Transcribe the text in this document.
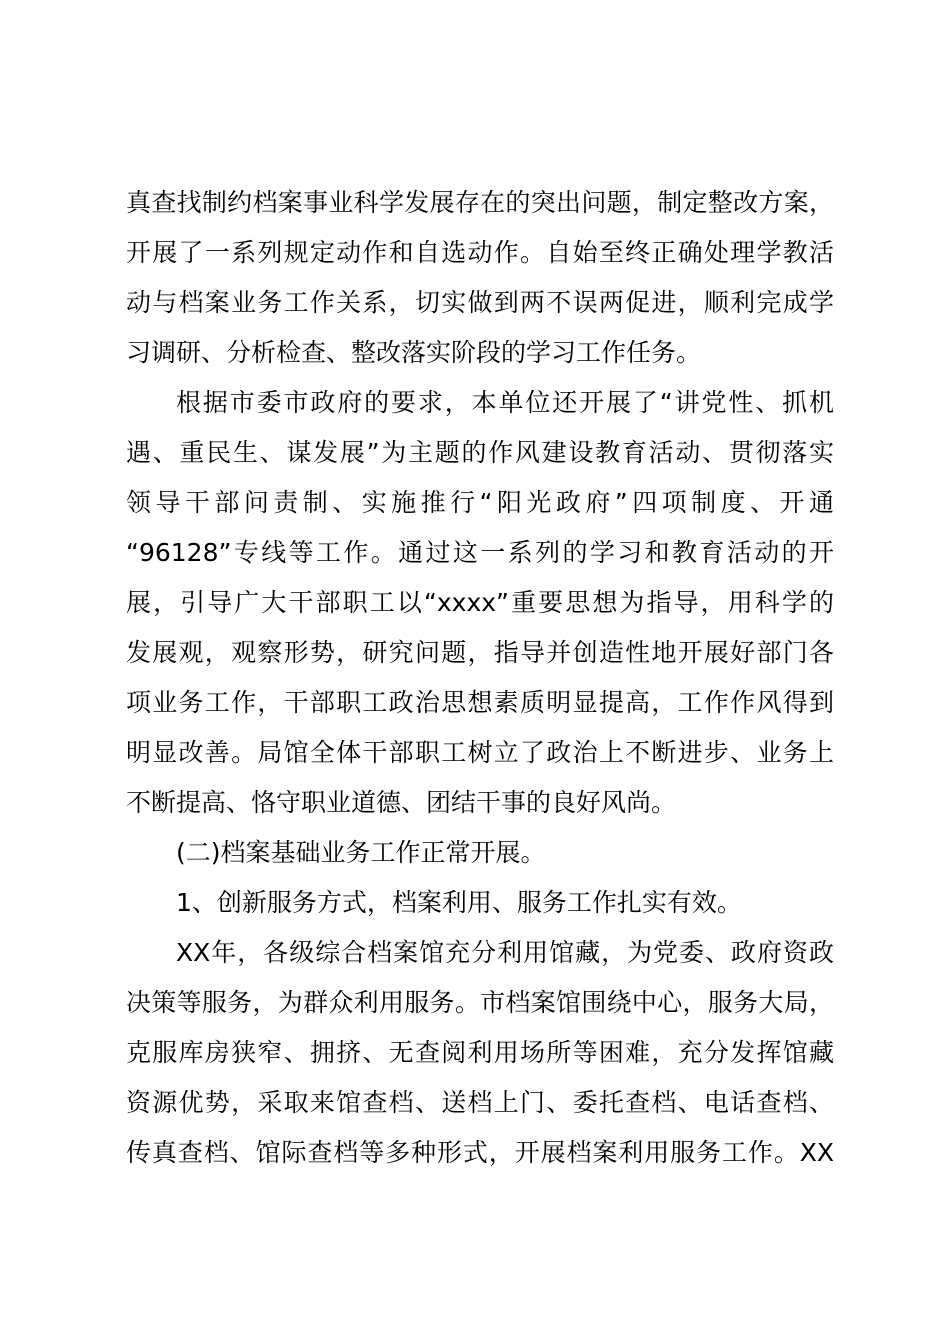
真查找制约档案事业科学发展存在的突出问题，制定整改方案，
开展了一系列规定动作和自选动作。自始至终正确处理学教活
动与档案业务工作关系，切实做到两不误两促进，顺利完成学
习调研、分析检查、整改落实阶段的学习工作任务。
根据市委市政府的要求，本单位还开展了“讲党性、抓机
遇、重民生、谋发展”为主题的作风建设教育活动、贯彻落实
领导干部问责制、实施推行“阳光政府”四项制度、开通
“96128”专线等工作。通过这一系列的学习和教育活动的开
展，引导广大干部职工以“xxxx”重要思想为指导，用科学的
发展观，观察形势，研究问题，指导并创造性地开展好部门各
项业务工作，干部职工政治思想素质明显提高，工作作风得到
明显改善。局馆全体干部职工树立了政治上不断进步、业务上
不断提高、恪守职业道德、团结干事的良好风尚。
(二)档案基础业务工作正常开展。
1、创新服务方式，档案利用、服务工作扎实有效。
XX年，各级综合档案馆充分利用馆藏，为党委、政府资政
决策等服务，为群众利用服务。市档案馆围绕中心，服务大局，
克服库房狭窄、拥挤、无查阅利用场所等困难，充分发挥馆藏
资源优势，采取来馆查档、送档上门、委托查档、电话查档、
传真查档、馆际查档等多种形式，开展档案利用服务工作。XX
